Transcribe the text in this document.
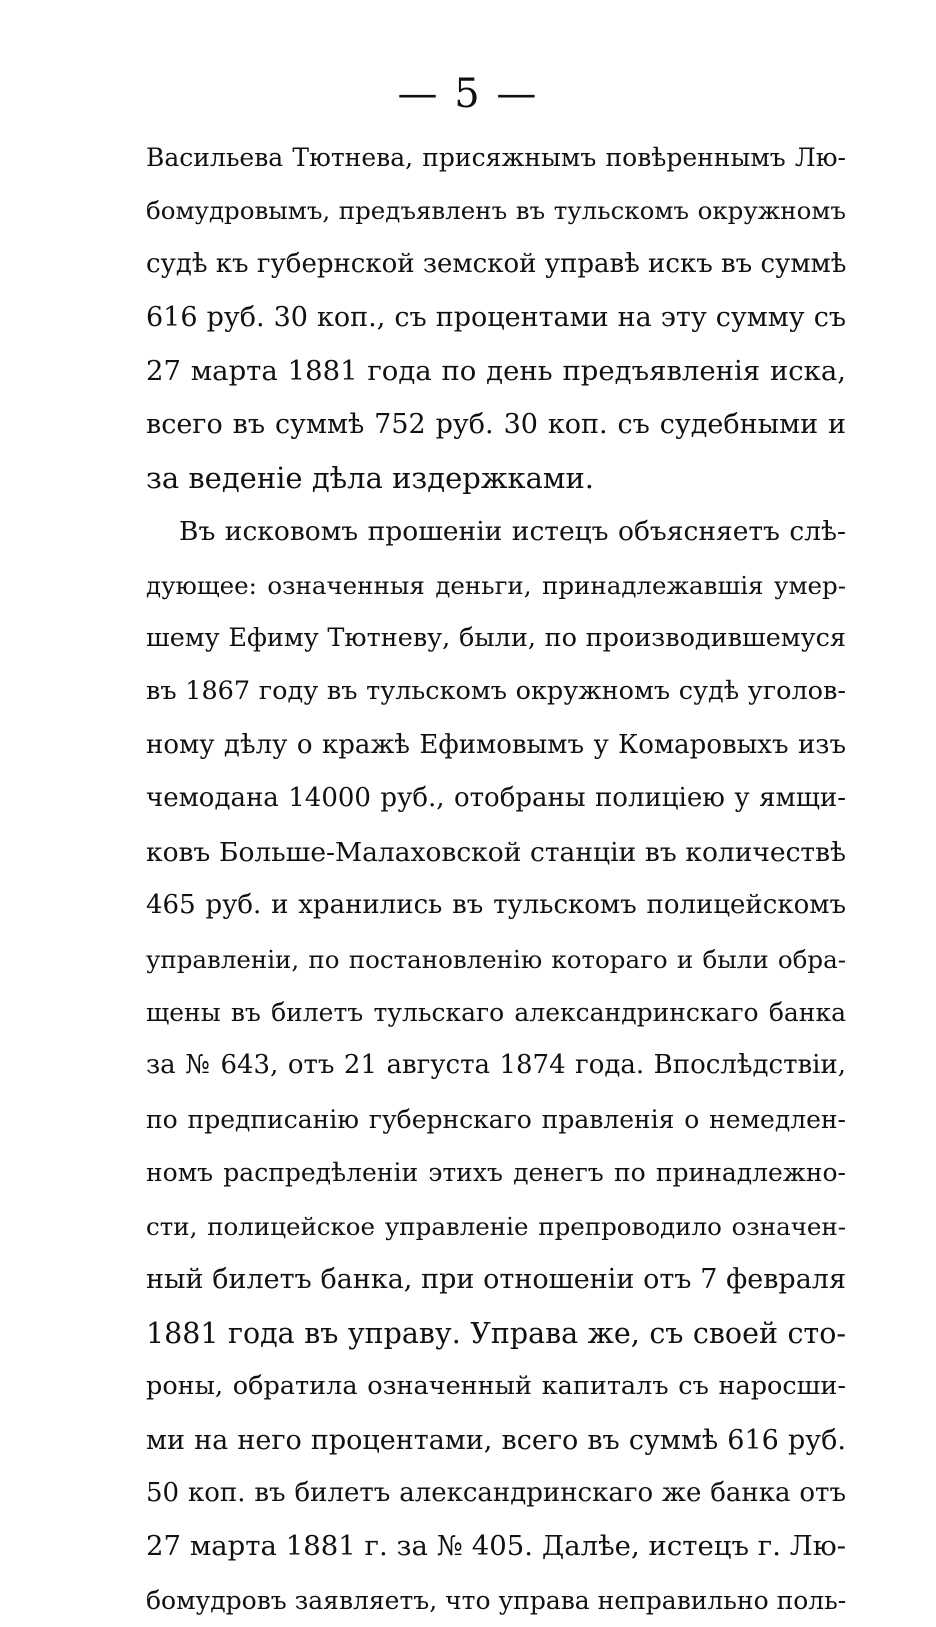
— 5 —
Васильева Тютнева, присяжнымъ повѣреннымъ Лю-
бомудровымъ, предъявленъ въ тульскомъ окружномъ
судѣ къ губернской земской управѣ искъ въ суммѣ
616 руб. 30 коп., съ процентами на эту сумму съ
27 марта 1881 года по день предъявленія иска,
всего въ суммѣ 752 руб. 30 коп. съ судебными и
за веденіе дѣла издержками.
Въ исковомъ прошеніи истецъ объясняетъ слѣ-
дующее: означенныя деньги, принадлежавшія умер-
шему Ефиму Тютневу, были, по производившемуся
въ 1867 году въ тульскомъ окружномъ судѣ уголов-
ному дѣлу о кражѣ Ефимовымъ у Комаровыхъ изъ
чемодана 14000 руб., отобраны полиціею у ямщи-
ковъ Больше-Малаховской станціи въ количествѣ
465 руб. и хранились въ тульскомъ полицейскомъ
управленіи, по постановленію котораго и были обра-
щены въ билетъ тульскаго александринскаго банка
за № 643, отъ 21 августа 1874 года. Впослѣдствіи,
по предписанію губернскаго правленія о немедлен-
номъ распредѣленіи этихъ денегъ по принадлежно-
сти, полицейское управленіе препроводило означен-
ный билетъ банка, при отношеніи отъ 7 февраля
1881 года въ управу. Управа же, съ своей сто-
роны, обратила означенный капиталъ съ наросши-
ми на него процентами, всего въ суммѣ 616 руб.
50 коп. въ билетъ александринскаго же банка отъ
27 марта 1881 г. за № 405. Далѣе, истецъ г. Лю-
бомудровъ заявляетъ, что управа неправильно поль-
